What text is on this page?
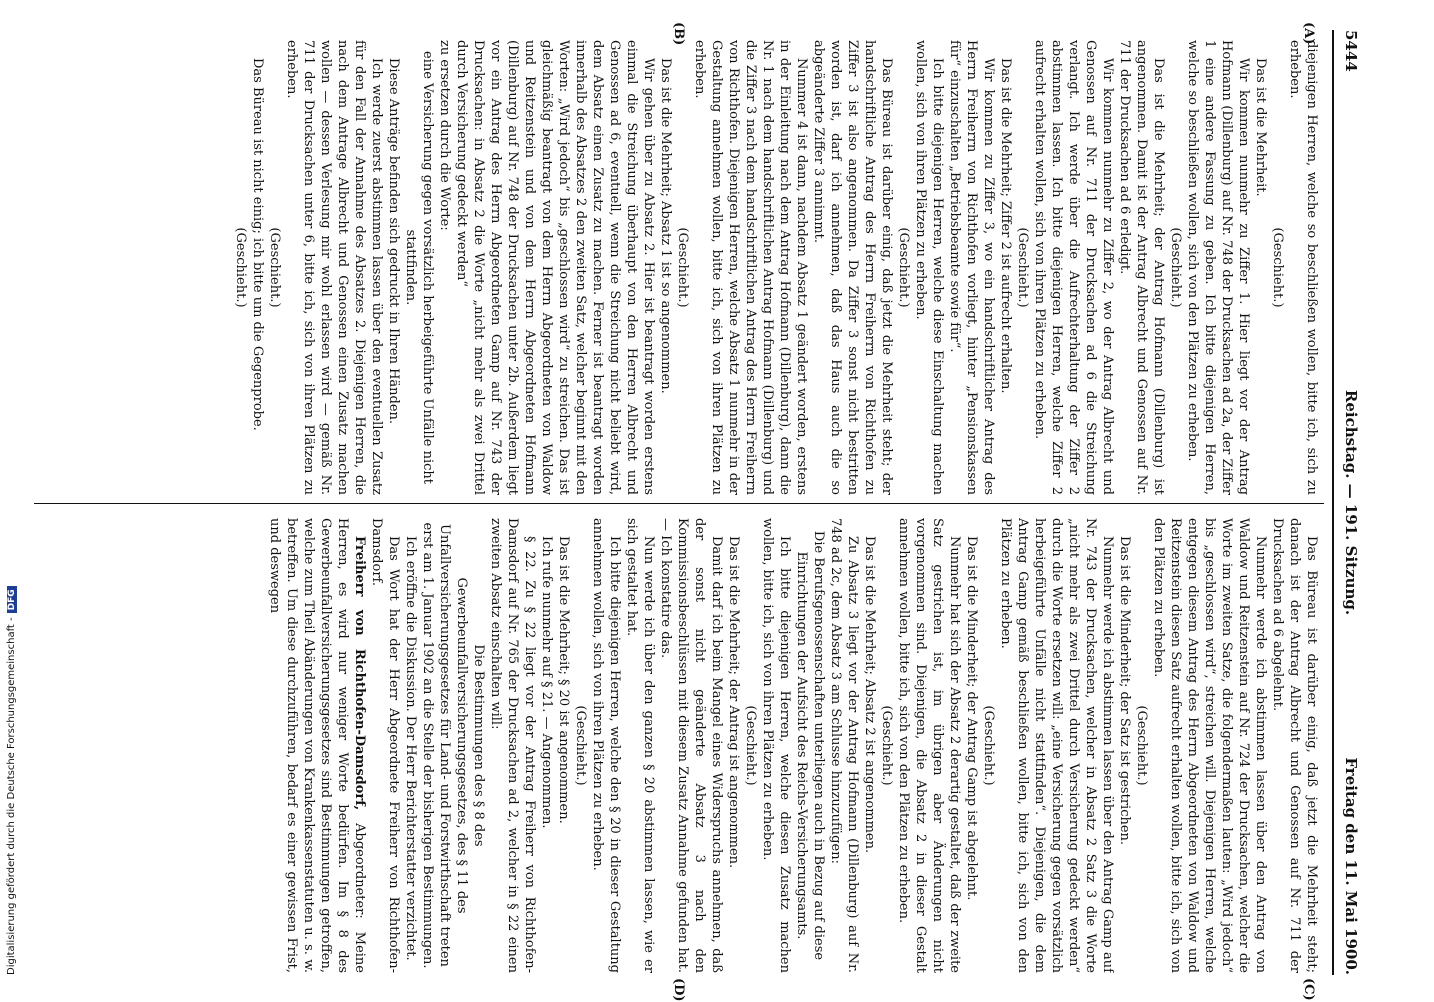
5444
Reichstag. — 191. Sitzung.
Freitag den 11. Mai 1900.
(A)
(B)
(C)
(D)

diejenigen Herren, welche so beschließen wollen, bitte ich, sich zu erheben.

(Geschieht.)

Das ist die Mehrheit.

Wir kommen nunmehr zu Ziffer 1. Hier liegt vor der Antrag Hofmann (Dillenburg) auf Nr. 748 der Drucksachen ad 2a, der Ziffer 1 eine andere Fassung zu geben. Ich bitte diejenigen Herren, welche so beschließen wollen, sich von den Plätzen zu erheben.

(Geschieht.)

Das ist die Mehrheit; der Antrag Hofmann (Dillenburg) ist angenommen. Damit ist der Antrag Albrecht und Genossen auf Nr. 711 der Drucksachen ad 6 erledigt.

Wir kommen nunmehr zu Ziffer 2, wo der Antrag Albrecht und Genossen auf Nr. 711 der Drucksachen ad 6 die Streichung verlangt. Ich werde über die Aufrechterhaltung der Ziffer 2 abstimmen lassen. Ich bitte diejenigen Herren, welche Ziffer 2 aufrecht erhalten wollen, sich von ihren Plätzen zu erheben.

(Geschieht.)

Das ist die Mehrheit; Ziffer 2 ist aufrecht erhalten.

Wir kommen zu Ziffer 3, wo ein handschriftlicher Antrag des Herrn Freiherrn von Richthofen vorliegt, hinter „Pensionskassen für“ einzuschalten „Betriebsbeamte sowie für“.

Ich bitte diejenigen Herren, welche diese Einschaltung machen wollen, sich von ihren Plätzen zu erheben.

(Geschieht.)

Das Büreau ist darüber einig, daß jetzt die Mehrheit steht; der handschriftliche Antrag des Herrn Freiherrn von Richthofen zu Ziffer 3 ist also angenommen. Da Ziffer 3 sonst nicht bestritten worden ist, darf ich annehmen, daß das Haus auch die so abgeänderte Ziffer 3 annimmt.

Nummer 4 ist dann, nachdem Absatz 1 geändert worden, erstens in der Einleitung nach dem Antrag Hofmann (Dillenburg), dann die Nr. 1 nach dem handschriftlichen Antrag Hofmann (Dillenburg) und die Ziffer 3 nach dem handschriftlichen Antrag des Herrn Freiherrn von Richthofen. Diejenigen Herren, welche Absatz 1 nunmehr in der Gestaltung annehmen wollen, bitte ich, sich von ihren Plätzen zu erheben.

(Geschieht.)

Das ist die Mehrheit; Absatz 1 ist so angenommen.

Wir gehen über zu Absatz 2. Hier ist beantragt worden erstens einmal die Streichung überhaupt von den Herren Albrecht und Genossen ad 6, eventuell, wenn die Streichung nicht beliebt wird, dem Absatz einen Zusatz zu machen. Ferner ist beantragt worden innerhalb des Absatzes 2 den zweiten Satz, welcher beginnt mit den Worten: „Wird jedoch“ bis „geschlossen wird“ zu streichen. Das ist gleichmäßig beantragt von dem Herrn Abgeordneten von Waldow und Reitzenstein und von dem Herrn Abgeordneten Hofmann (Dillenburg) auf Nr. 748 der Drucksachen unter 2b. Außerdem liegt vor ein Antrag des Herrn Abgeordneten Gamp auf Nr. 743 der Drucksachen: in Absatz 2 die Worte „nicht mehr als zwei Drittel durch Versicherung gedeckt werden“

zu ersetzen durch die Worte:

eine Versicherung gegen vorsätzlich herbeigeführte Unfälle nicht stattfinden.

Diese Anträge befinden sich gedruckt in Ihren Händen.

Ich werde zuerst abstimmen lassen über den eventuellen Zusatz für den Fall der Annahme des Absatzes 2. Diejenigen Herren, die nach dem Antrage Albrecht und Genossen einen Zusatz machen wollen — dessen Verlesung mir wohl erlassen wird — gemäß Nr. 711 der Drucksachen unter 6, bitte ich, sich von ihren Plätzen zu erheben.

(Geschieht.)

Das Büreau ist nicht einig; ich bitte um die Gegenprobe.

(Geschieht.)

Das Büreau ist darüber einig, daß jetzt die Mehrheit steht; danach ist der Antrag Albrecht und Genossen auf Nr. 711 der Drucksachen ad 6 abgelehnt.

Nunmehr werde ich abstimmen lassen über den Antrag von Waldow und Reitzenstein auf Nr. 724 der Drucksachen, welcher die Worte im zweiten Satze, die folgendermaßen lauten: „Wird jedoch“ bis „geschlossen wird“, streichen will. Diejenigen Herren, welche entgegen diesem Antrag des Herrn Abgeordneten von Waldow und Reitzenstein diesen Satz aufrecht erhalten wollen, bitte ich, sich von den Plätzen zu erheben.

(Geschieht.)

Das ist die Minderheit; der Satz ist gestrichen.

Nunmehr werde ich abstimmen lassen über den Antrag Gamp auf Nr. 743 der Drucksachen, welcher in Absatz 2 Satz 3 die Worte „nicht mehr als zwei Drittel durch Versicherung gedeckt werden“ durch die Worte ersetzen will: „eine Versicherung gegen vorsätzlich herbeigeführte Unfälle nicht stattfinden“. Diejenigen, die dem Antrag Gamp gemäß beschließen wollen, bitte ich, sich von den Plätzen zu erheben.

(Geschieht.)

Das ist die Minderheit; der Antrag Gamp ist abgelehnt.

Nunmehr hat sich der Absatz 2 derartig gestaltet, daß der zweite Satz gestrichen ist, im übrigen aber Änderungen nicht vorgenommen sind. Diejenigen, die Absatz 2 in dieser Gestalt annehmen wollen, bitte ich, sich von den Plätzen zu erheben.

(Geschieht.)

Das ist die Mehrheit; Absatz 2 ist angenommen.

Zu Absatz 3 liegt vor der Antrag Hofmann (Dillenburg) auf Nr. 748 ad 2c, dem Absatz 3 am Schlusse hinzuzufügen:

Die Berufsgenossenschaften unterliegen auch in Bezug auf diese Einrichtungen der Aufsicht des Reichs-Versicherungsamts.

Ich bitte diejenigen Herren, welche diesen Zusatz machen wollen, bitte ich, sich von ihren Plätzen zu erheben.

(Geschieht.)

Das ist die Mehrheit; der Antrag ist angenommen.

Damit darf ich beim Mangel eines Widerspruchs annehmen, daß der sonst nicht geänderte Absatz 3 nach den Kommissionsbeschlüssen mit diesem Zusatz Annahme gefunden hat. — Ich konstatire das.

Nun werde ich über den ganzen § 20 abstimmen lassen, wie er sich gestaltet hat.

Ich bitte diejenigen Herren, welche den § 20 in dieser Gestaltung annehmen wollen, sich von ihren Plätzen zu erheben.

(Geschieht.)

Das ist die Mehrheit; § 20 ist angenommen.

Ich rufe nunmehr auf § 21. — Angenommen.

§ 22. Zu § 22 liegt vor der Antrag Freiherr von Richthofen-Damsdorf auf Nr. 765 der Drucksachen ad 2, welcher in § 22 einen zweiten Absatz einschalten will:

Die Bestimmungen des § 8 des Gewerbeunfallversicherungsgesetzes, des § 11 des Unfallversicherungsgesetzes für Land- und Forstwirthschaft treten erst am 1. Januar 1902 an die Stelle der bisherigen Bestimmungen.

Ich eröffne die Diskussion. Der Herr Berichterstatter verzichtet.

Das Wort hat der Herr Abgeordnete Freiherr von Richthofen-Damsdorf.

Freiherr von Richthofen-Damsdorf, Abgeordneter: Meine Herren, es wird nur weniger Worte bedürfen. Im § 8 des Gewerbeunfallversicherungsgesetzes sind Bestimmungen getroffen, welche zum Theil Abänderungen von Krankenkassenstatuten u. s. w. betreffen. Um diese durchzuführen, bedarf es einer gewissen Frist, und deswegen

Digitalisierung gefördert durch die Deutsche Forschungsgemeinschaft -DFG
